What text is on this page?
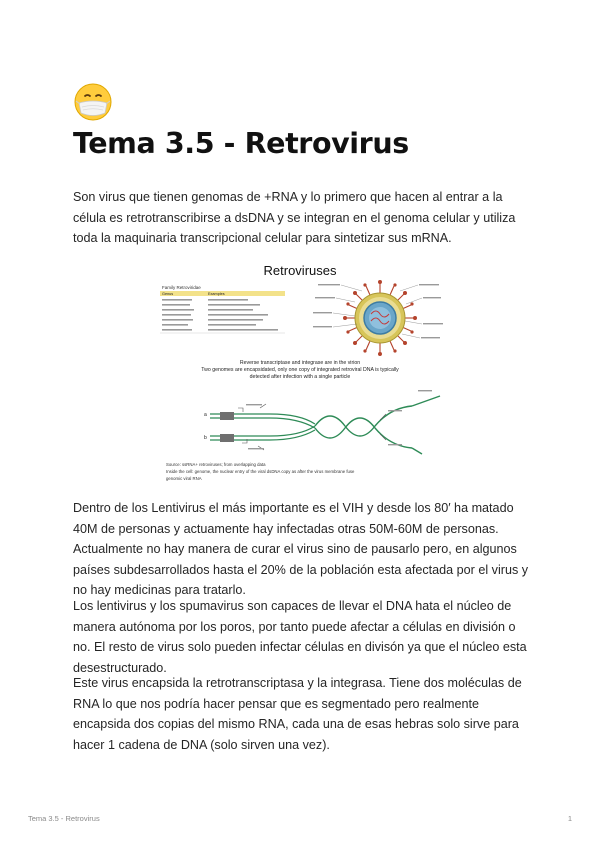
Tema 3.5 - Retrovirus

Son virus que tienen genomas de +RNA y lo primero que hacen al entrar a la célula es retrotranscribirse a dsDNA y se integran en el genoma celular y utiliza toda la maquinaria transcripcional celular para sintetizar sus mRNA.

Retroviruses
Family Retroviridae
Genus	Examples
Reverse transcriptase and integrase are in the virion
Two genomes are encapsidated, only one copy of integrated retroviral DNA is typically
detected after infection with a single particle
a
b
Source: ssRNA+ retroviruses; from overlapping data
Inside the cell: genome, the nuclear entry of the viral dsDNA copy as after the virus membrane fuse
genomic viral RNA

Dentro de los Lentivirus el más importante es el VIH y desde los 80′ ha matado 40M de personas y actuamente hay infectadas otras 50M-60M de personas. Actualmente no hay manera de curar el virus sino de pausarlo pero, en algunos países subdesarrollados hasta el 20% de la población esta afectada por el virus y no hay medicinas para tratarlo.

Los lentivirus y los spumavirus son capaces de llevar el DNA hata el núcleo de manera autónoma por los poros, por tanto puede afectar a células en división o no. El resto de virus solo pueden infectar células en divisón ya que el núcleo esta desestructurado.

Este virus encapsida la retrotranscriptasa y la integrasa. Tiene dos moléculas de RNA lo que nos podría hacer pensar que es segmentado pero realmente encapsida dos copias del mismo RNA, cada una de esas hebras solo sirve para hacer 1 cadena de DNA (solo sirven una vez).

Tema 3.5 - Retrovirus	1
